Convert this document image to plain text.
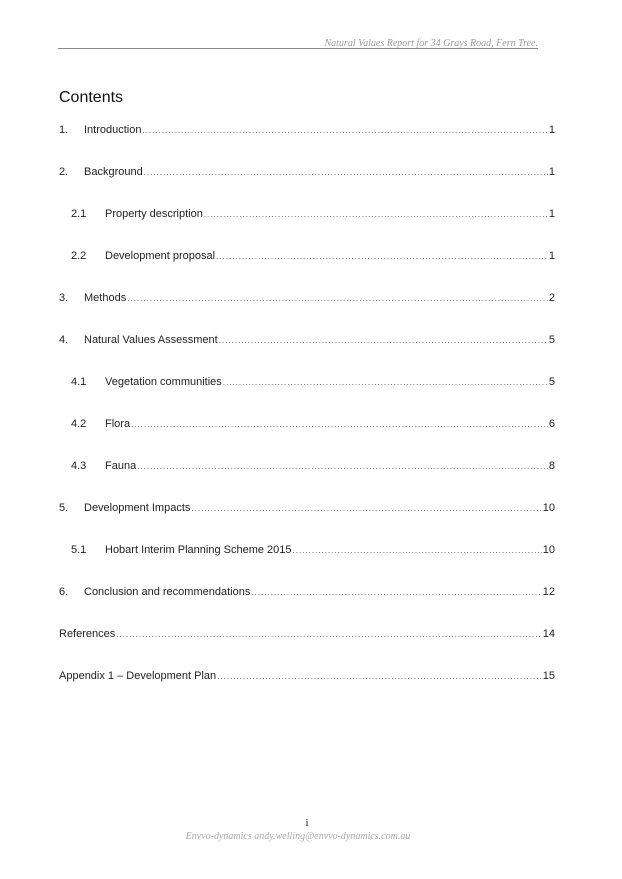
Natural Values Report for 34 Grays Road, Fern Tree.
Contents
1.	Introduction .....	1
2.	Background .....	1
2.1	Property description .....	1
2.2	Development proposal .....	1
3.	Methods .....	2
4.	Natural Values Assessment .....	5
4.1	Vegetation communities .....	5
4.2	Flora .....	6
4.3	Fauna .....	8
5.	Development Impacts .....	10
5.1	Hobart Interim Planning Scheme 2015 .....	10
6.	Conclusion and recommendations .....	12
References .....	14
Appendix 1 – Development Plan .....	15
i
Envvo-dynamics andy.welling@envvo-dynamics.com.au
